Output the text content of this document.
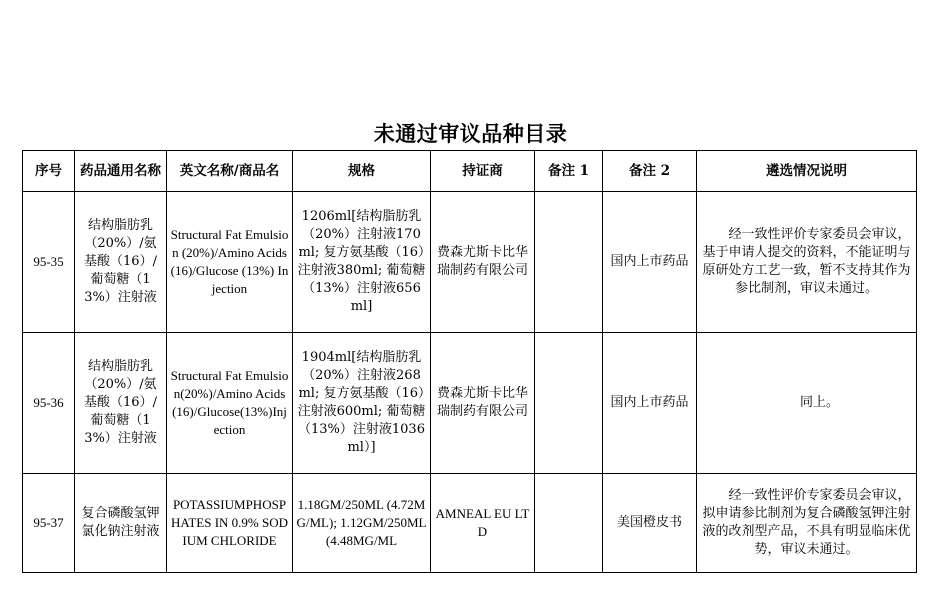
未通过审议品种目录
序号	药品通用名称	英文名称/商品名	规格	持证商	备注 1	备注 2	遴选情况说明
95-35	结构脂肪乳（20%）/氨基酸（16）/葡萄糖（13%）注射液	Structural Fat Emulsion (20%)/Amino Acids (16)/Glucose (13%) Injection	1206ml[结构脂肪乳（20%）注射液170ml; 复方氨基酸（16）注射液380ml; 葡萄糖（13%）注射液656ml]	费森尤斯卡比华瑞制药有限公司		国内上市药品	经一致性评价专家委员会审议，基于申请人提交的资料，不能证明与原研处方工艺一致，暂不支持其作为参比制剂，审议未通过。
95-36	结构脂肪乳（20%）/氨基酸（16）/葡萄糖（13%）注射液	Structural Fat Emulsion(20%)/Amino Acids(16)/Glucose(13%)Injection	1904ml[结构脂肪乳（20%）注射液268ml; 复方氨基酸（16）注射液600ml; 葡萄糖（13%）注射液1036ml）]	费森尤斯卡比华瑞制药有限公司		国内上市药品	同上。
95-37	复合磷酸氢钾氯化钠注射液	POTASSIUMPHOSPHATES IN 0.9% SODIUM CHLORIDE	1.18GM/250ML (4.72MG/ML); 1.12GM/250ML (4.48MG/ML	AMNEAL EU LTD		美国橙皮书	经一致性评价专家委员会审议，拟申请参比制剂为复合磷酸氢钾注射液的改剂型产品，不具有明显临床优势，审议未通过。
